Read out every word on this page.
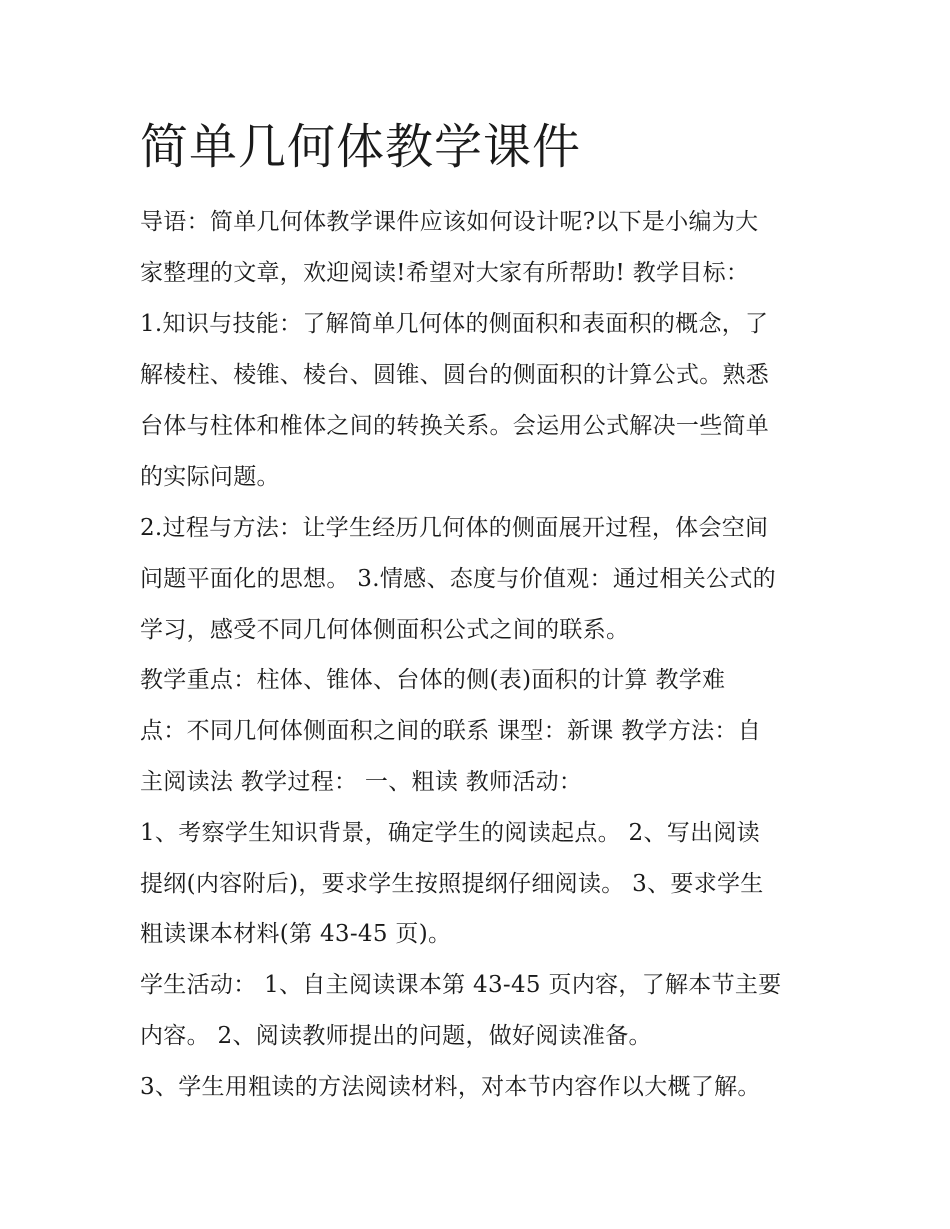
简单几何体教学课件

导语：简单几何体教学课件应该如何设计呢?以下是小编为大

家整理的文章，欢迎阅读!希望对大家有所帮助! 教学目标：

1.知识与技能：了解简单几何体的侧面积和表面积的概念，了

解棱柱、棱锥、棱台、圆锥、圆台的侧面积的计算公式。熟悉

台体与柱体和椎体之间的转换关系。会运用公式解决一些简单

的实际问题。

2.过程与方法：让学生经历几何体的侧面展开过程，体会空间

问题平面化的思想。 3.情感、态度与价值观：通过相关公式的

学习，感受不同几何体侧面积公式之间的联系。

教学重点：柱体、锥体、台体的侧(表)面积的计算 教学难

点：不同几何体侧面积之间的联系 课型：新课 教学方法：自

主阅读法 教学过程： 一、粗读 教师活动：

1、考察学生知识背景，确定学生的阅读起点。 2、写出阅读

提纲(内容附后)，要求学生按照提纲仔细阅读。 3、要求学生

粗读课本材料(第 43-45 页)。

学生活动： 1、自主阅读课本第 43-45 页内容，了解本节主要

内容。 2、阅读教师提出的问题，做好阅读准备。

3、学生用粗读的方法阅读材料，对本节内容作以大概了解。
